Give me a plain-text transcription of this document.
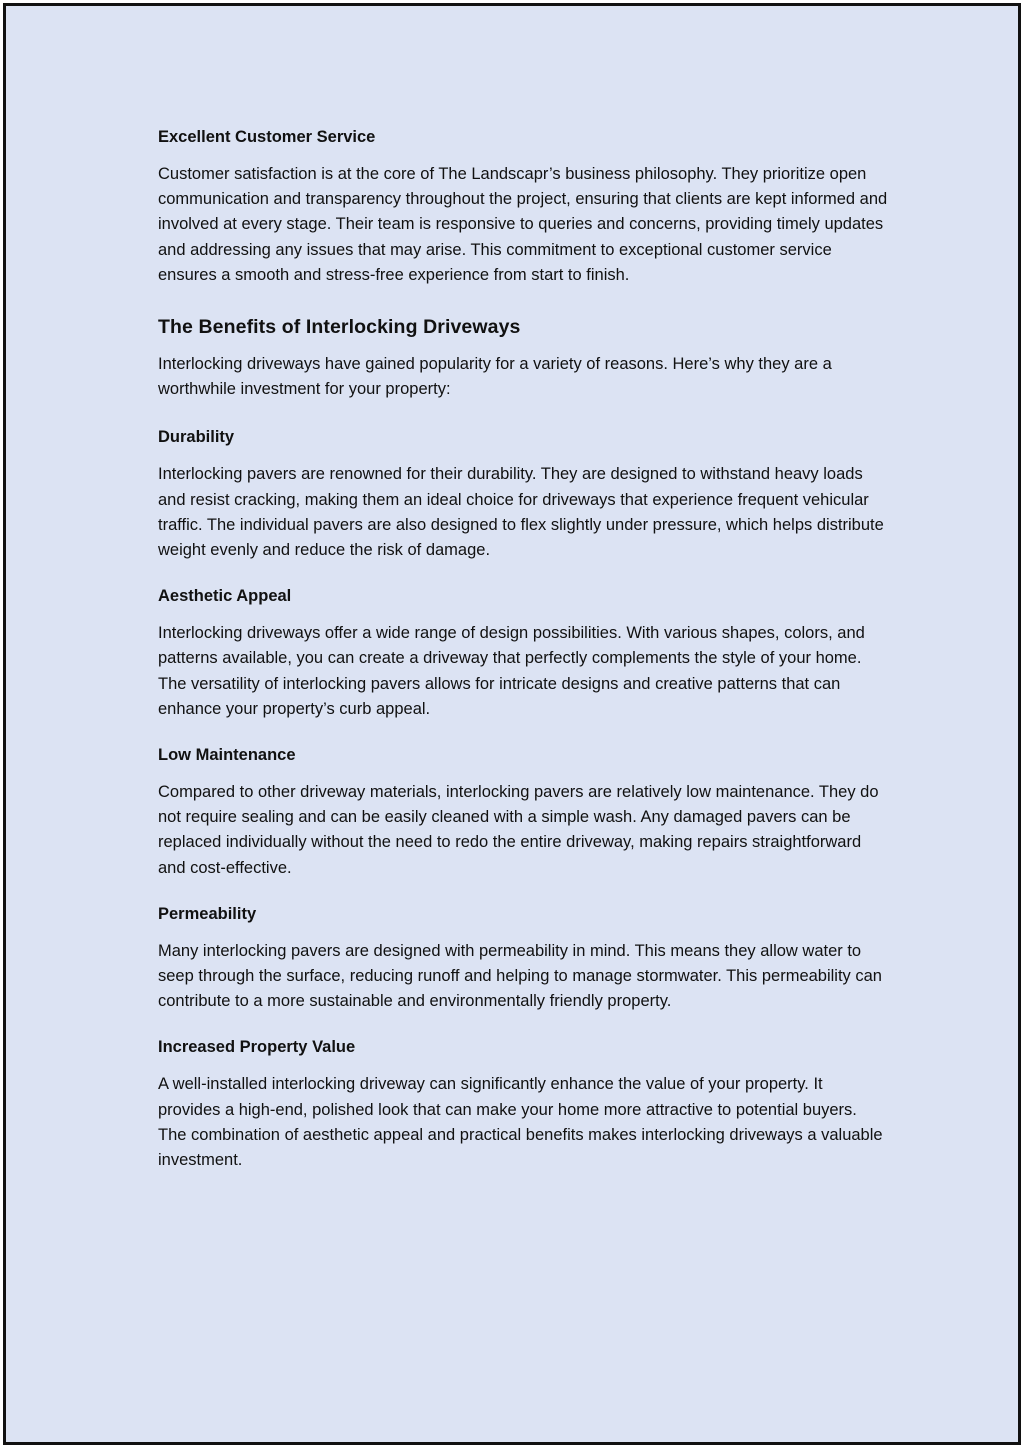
Excellent Customer Service

Customer satisfaction is at the core of The Landscapr’s business philosophy. They prioritize open communication and transparency throughout the project, ensuring that clients are kept informed and involved at every stage. Their team is responsive to queries and concerns, providing timely updates and addressing any issues that may arise. This commitment to exceptional customer service ensures a smooth and stress-free experience from start to finish.

The Benefits of Interlocking Driveways

Interlocking driveways have gained popularity for a variety of reasons. Here’s why they are a worthwhile investment for your property:

Durability

Interlocking pavers are renowned for their durability. They are designed to withstand heavy loads and resist cracking, making them an ideal choice for driveways that experience frequent vehicular traffic. The individual pavers are also designed to flex slightly under pressure, which helps distribute weight evenly and reduce the risk of damage.

Aesthetic Appeal

Interlocking driveways offer a wide range of design possibilities. With various shapes, colors, and patterns available, you can create a driveway that perfectly complements the style of your home. The versatility of interlocking pavers allows for intricate designs and creative patterns that can enhance your property’s curb appeal.

Low Maintenance

Compared to other driveway materials, interlocking pavers are relatively low maintenance. They do not require sealing and can be easily cleaned with a simple wash. Any damaged pavers can be replaced individually without the need to redo the entire driveway, making repairs straightforward and cost-effective.

Permeability

Many interlocking pavers are designed with permeability in mind. This means they allow water to seep through the surface, reducing runoff and helping to manage stormwater. This permeability can contribute to a more sustainable and environmentally friendly property.

Increased Property Value

A well-installed interlocking driveway can significantly enhance the value of your property. It provides a high-end, polished look that can make your home more attractive to potential buyers. The combination of aesthetic appeal and practical benefits makes interlocking driveways a valuable investment.
